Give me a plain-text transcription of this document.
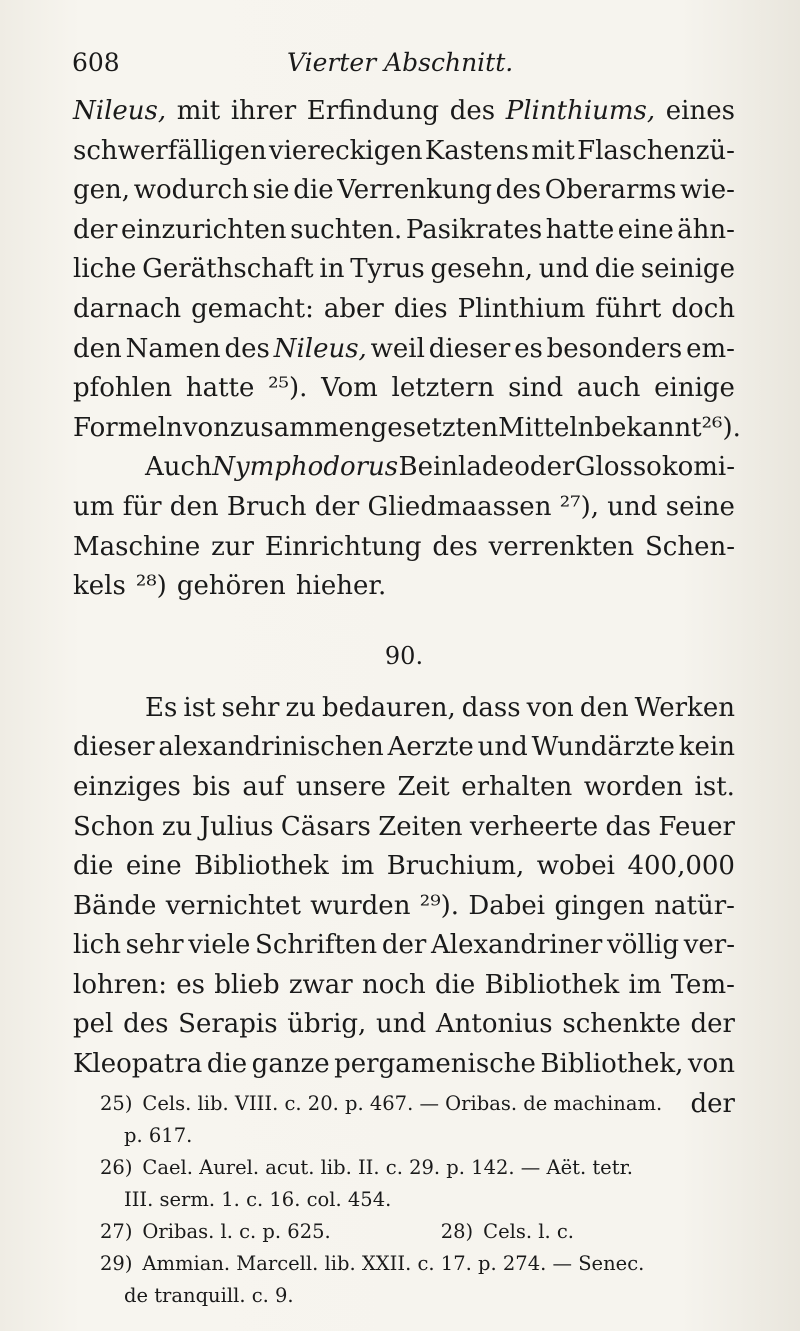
608	Vierter Abschnitt.
Nileus, mit ihrer Erfindung des Plinthiums, eines
schwerfälligen viereckigen Kastens mit Flaschenzü-
gen, wodurch sie die Verrenkung des Oberarms wie-
der einzurichten suchten. Pasikrates hatte eine ähn-
liche Geräthschaft in Tyrus gesehn, und die seinige
darnach gemacht: aber dies Plinthium führt doch
den Namen des Nileus, weil dieser es besonders em-
pfohlen hatte ²⁵). Vom letztern sind auch einige
Formeln von zusammengesetzten Mitteln bekannt²⁶).
Auch Nymphodorus Beinlade oder Glossokomi-
um für den Bruch der Gliedmaassen ²⁷), und seine
Maschine zur Einrichtung des verrenkten Schen-
kels ²⁸) gehören hieher.
90.
Es ist sehr zu bedauren, dass von den Werken
dieser alexandrinischen Aerzte und Wundärzte kein
einziges bis auf unsere Zeit erhalten worden ist.
Schon zu Julius Cäsars Zeiten verheerte das Feuer
die eine Bibliothek im Bruchium, wobei 400,000
Bände vernichtet wurden ²⁹). Dabei gingen natür-
lich sehr viele Schriften der Alexandriner völlig ver-
lohren: es blieb zwar noch die Bibliothek im Tem-
pel des Serapis übrig, und Antonius schenkte der
Kleopatra die ganze pergamenische Bibliothek, von
der
25) Cels. lib. VIII. c. 20. p. 467. — Oribas. de machinam.
p. 617.
26) Cael. Aurel. acut. lib. II. c. 29. p. 142. — Aët. tetr.
III. serm. 1. c. 16. col. 454.
27) Oribas. l. c. p. 625.	28) Cels. l. c.
29) Ammian. Marcell. lib. XXII. c. 17. p. 274. — Senec.
de tranquill. c. 9.
